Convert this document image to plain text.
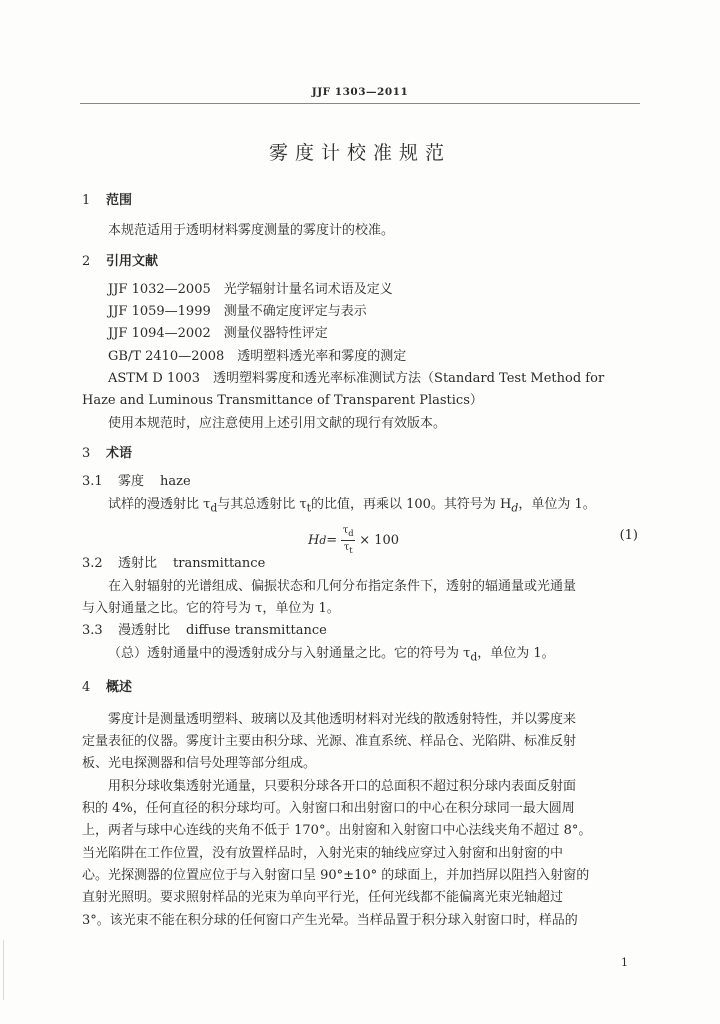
JJF 1303—2011
雾度计校准规范

1 范围

本规范适用于透明材料雾度测量的雾度计的校准。

2 引用文献

JJF 1032—2005　光学辐射计量名词术语及定义

JJF 1059—1999　测量不确定度评定与表示

JJF 1094—2002　测量仪器特性评定

GB/T 2410—2008　透明塑料透光率和雾度的测定

ASTM D 1003　透明塑料雾度和透光率标准测试方法（Standard Test Method for

Haze and Luminous Transmittance of Transparent Plastics）

使用本规范时，应注意使用上述引用文献的现行有效版本。

3 术语

3.1 雾度 haze

试样的漫透射比 $\tau_d$与其总透射比 $\tau_t$的比值，再乘以 100。其符号为 $H_d$，单位为 1。

H $d = \frac{\tau_d}{\tau_t} \times 100$	(1)

3.2 透射比 transmittance

在入射辐射的光谱组成、偏振状态和几何分布指定条件下，透射的辐通量或光通量

与入射通量之比。它的符号为 τ，单位为 1。

3.3 漫透射比 diffuse transmittance

（总）透射通量中的漫透射成分与入射通量之比。它的符号为 $\tau_d$，单位为 1。

4 概述

雾度计是测量透明塑料、玻璃以及其他透明材料对光线的散透射特性，并以雾度来

定量表征的仪器。雾度计主要由积分球、光源、准直系统、样品仓、光陷阱、标准反射

板、光电探测器和信号处理等部分组成。

用积分球收集透射光通量，只要积分球各开口的总面积不超过积分球内表面反射面

积的 4%，任何直径的积分球均可。入射窗口和出射窗口的中心在积分球同一最大圆周

上，两者与球中心连线的夹角不低于 170°。出射窗和入射窗口中心法线夹角不超过 8°。

当光陷阱在工作位置，没有放置样品时，入射光束的轴线应穿过入射窗和出射窗的中

心。光探测器的位置应位于与入射窗口呈 90°±10° 的球面上，并加挡屏以阻挡入射窗的

直射光照明。要求照射样品的光束为单向平行光，任何光线都不能偏离光束光轴超过

3°。该光束不能在积分球的任何窗口产生光晕。当样品置于积分球入射窗口时，样品的

1
